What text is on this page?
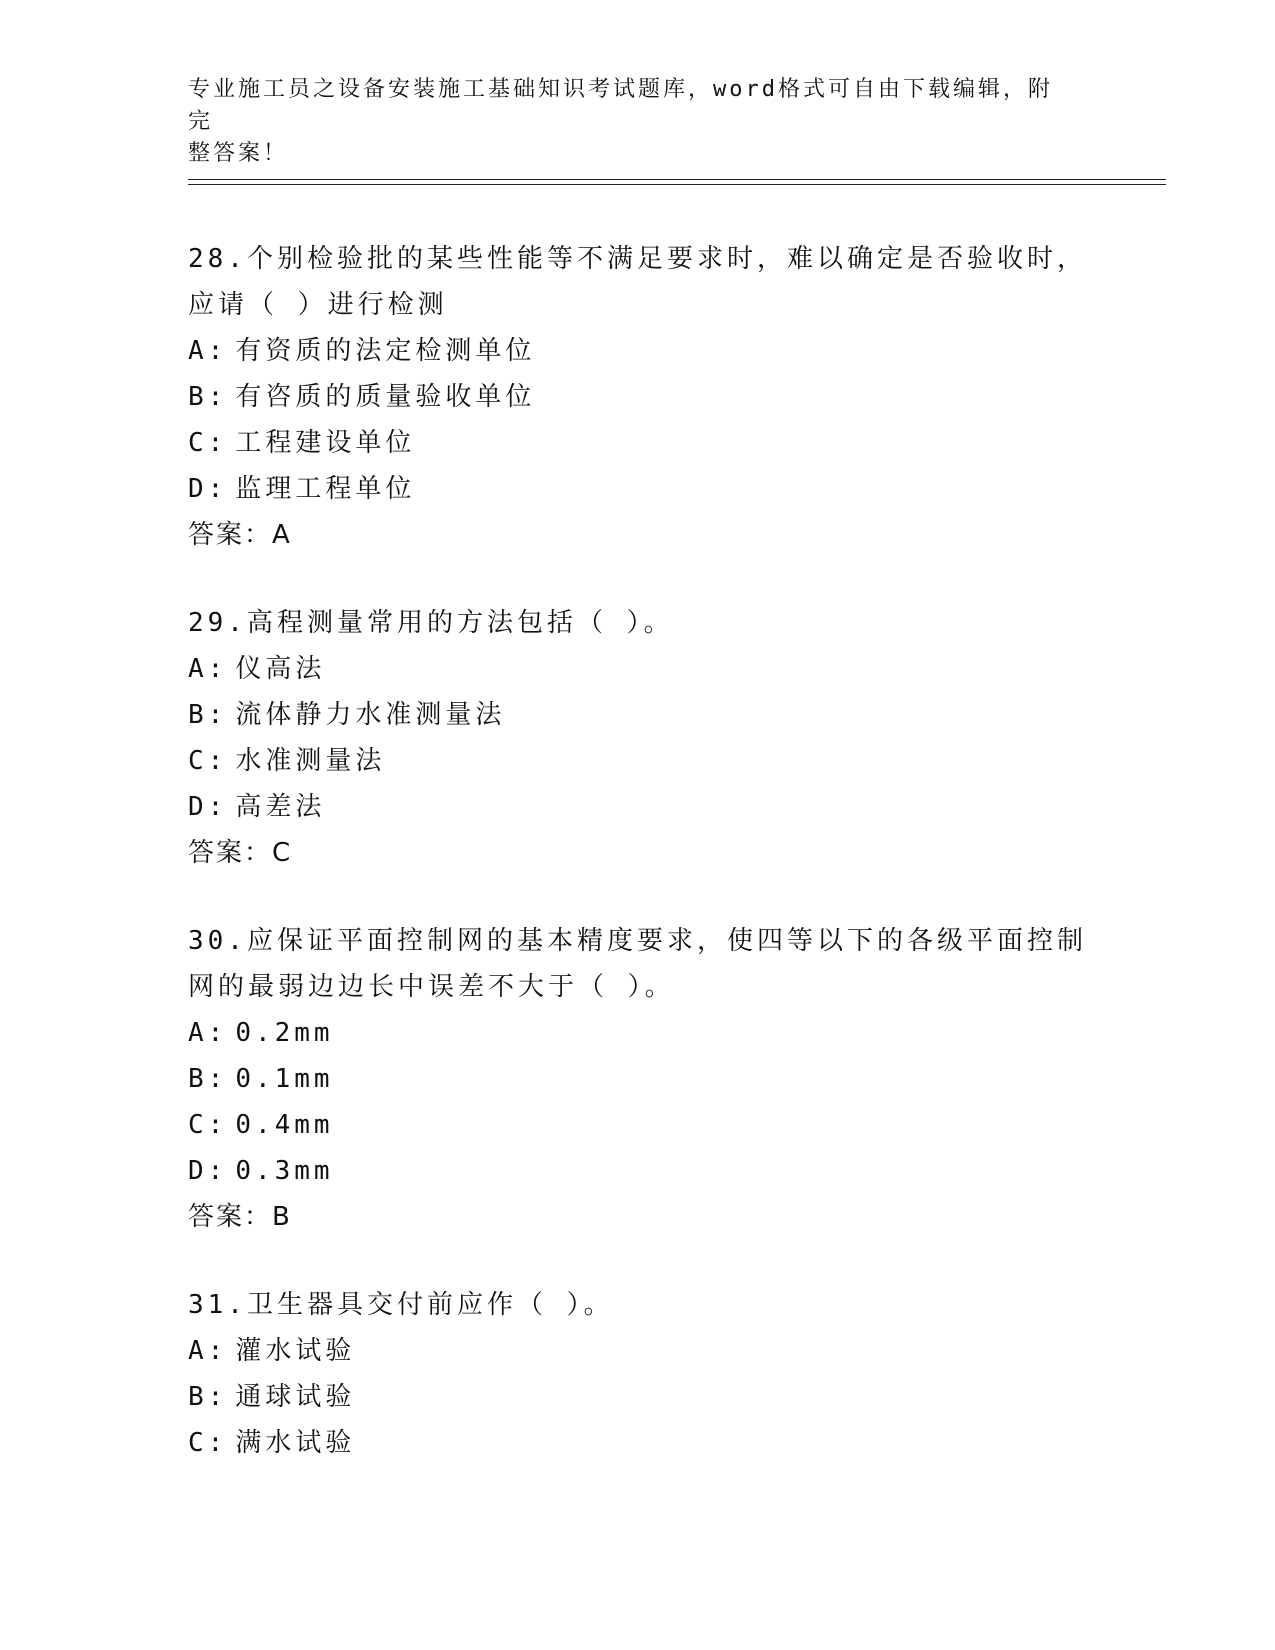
专业施工员之设备安装施工基础知识考试题库，word格式可自由下载编辑，附完
整答案！

28.个别检验批的某些性能等不满足要求时，难以确定是否验收时，应请（ ）进行检测

A: 有资质的法定检测单位
B: 有咨质的质量验收单位
C: 工程建设单位
D: 监理工程单位
答案：A

29.高程测量常用的方法包括（ ）。

A: 仪高法
B: 流体静力水准测量法
C: 水准测量法
D: 高差法
答案：C

30.应保证平面控制网的基本精度要求，使四等以下的各级平面控制网的最弱边边长中误差不大于（ ）。

A: 0.2mm
B: 0.1mm
C: 0.4mm
D: 0.3mm
答案：B

31.卫生器具交付前应作（ ）。

A: 灌水试验
B: 通球试验
C: 满水试验
